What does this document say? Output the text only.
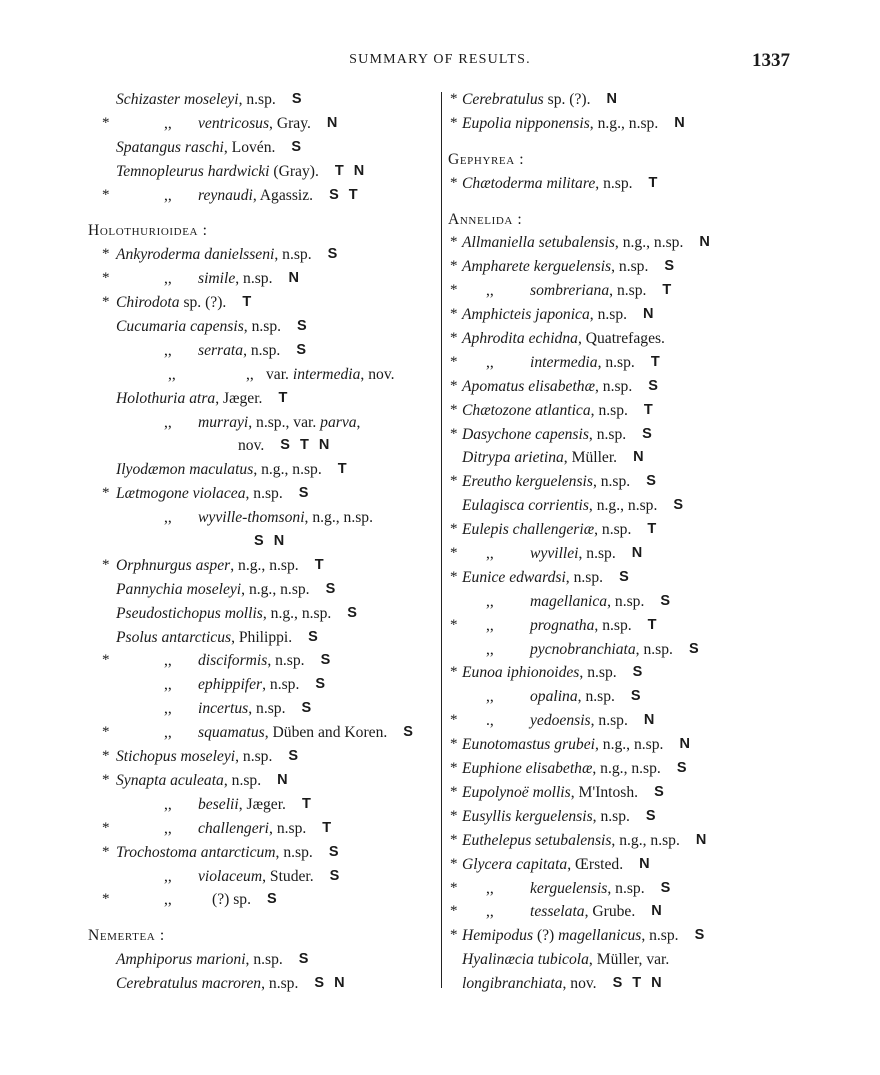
SUMMARY OF RESULTS.	1337
Schizaster moseleyi, n.sp. S
*	,, ventricosus, Gray. N
Spatangus raschi, Lovén. S
Temnopleurus hardwicki (Gray). T N
*	,, reynaudi, Agassiz. S T
Holothurioidea :
* Ankyroderma danielsseni, n.sp. S
*	,, simile, n.sp. N
* Chirodota sp. (?). T
Cucumaria capensis, n.sp. S
,, serrata, n.sp. S
,,	,, var. intermedia, nov.
Holothuria atra, Jæger. T
,, murrayi, n.sp., var. parva,
nov. S T N
Ilyodæmon maculatus, n.g., n.sp. T
* Lætmogone violacea, n.sp. S
,, wyville-thomsoni, n.g., n.sp.
S N
* Orphnurgus asper, n.g., n.sp. T
Pannychia moseleyi, n.g., n.sp. S
Pseudostichopus mollis, n.g., n.sp. S
Psolus antarcticus, Philippi. S
*	,, disciformis, n.sp. S
,, ephippifer, n.sp. S
,, incertus, n.sp. S
*	,, squamatus, Düben and Koren. S
* Stichopus moseleyi, n.sp. S
* Synapta aculeata, n.sp. N
,, beselii, Jæger. T
*	,, challengeri, n.sp. T
* Trochostoma antarcticum, n.sp. S
,, violaceum, Studer. S
*	,,	(?) sp. S
Nemertea :
Amphiporus marioni, n.sp. S
Cerebratulus macroren, n.sp. S N
* Cerebratulus sp. (?). N
* Eupolia nipponensis, n.g., n.sp. N
Gephyrea :
* Chætoderma militare, n.sp. T
Annelida :
* Allmaniella setubalensis, n.g., n.sp. N
* Ampharete kerguelensis, n.sp. S
* ,, sombreriana, n.sp. T
* Amphicteis japonica, n.sp. N
* Aphrodita echidna, Quatrefages.
* ,, intermedia, n.sp. T
* Apomatus elisabethæ, n.sp. S
* Chætozone atlantica, n.sp. T
* Dasychone capensis, n.sp. S
Ditrypa arietina, Müller. N
* Ereutho kerguelensis, n.sp. S
Eulagisca corrientis, n.g., n.sp. S
* Eulepis challengeriæ, n.sp. T
* ,, wyvillei, n.sp. N
* Eunice edwardsi, n.sp. S
,, magellanica, n.sp. S
* ,, prognatha, n.sp. T
,, pycnobranchiata, n.sp. S
* Eunoa iphionoides, n.sp. S
,, opalina, n.sp. S
* ., yedoensis, n.sp. N
* Eunotomastus grubei, n.g., n.sp. N
* Euphione elisabethæ, n.g., n.sp. S
* Eupolynoë mollis, M'Intosh. S
* Eusyllis kerguelensis, n.sp. S
* Euthelepus setubalensis, n.g., n.sp. N
* Glycera capitata, Œrsted. N
* ,, kerguelensis, n.sp. S
* ,, tesselata, Grube. N
* Hemipodus (?) magellanicus, n.sp. S
Hyalinæcia tubicola, Müller, var.
longibranchiata, nov. S T N
